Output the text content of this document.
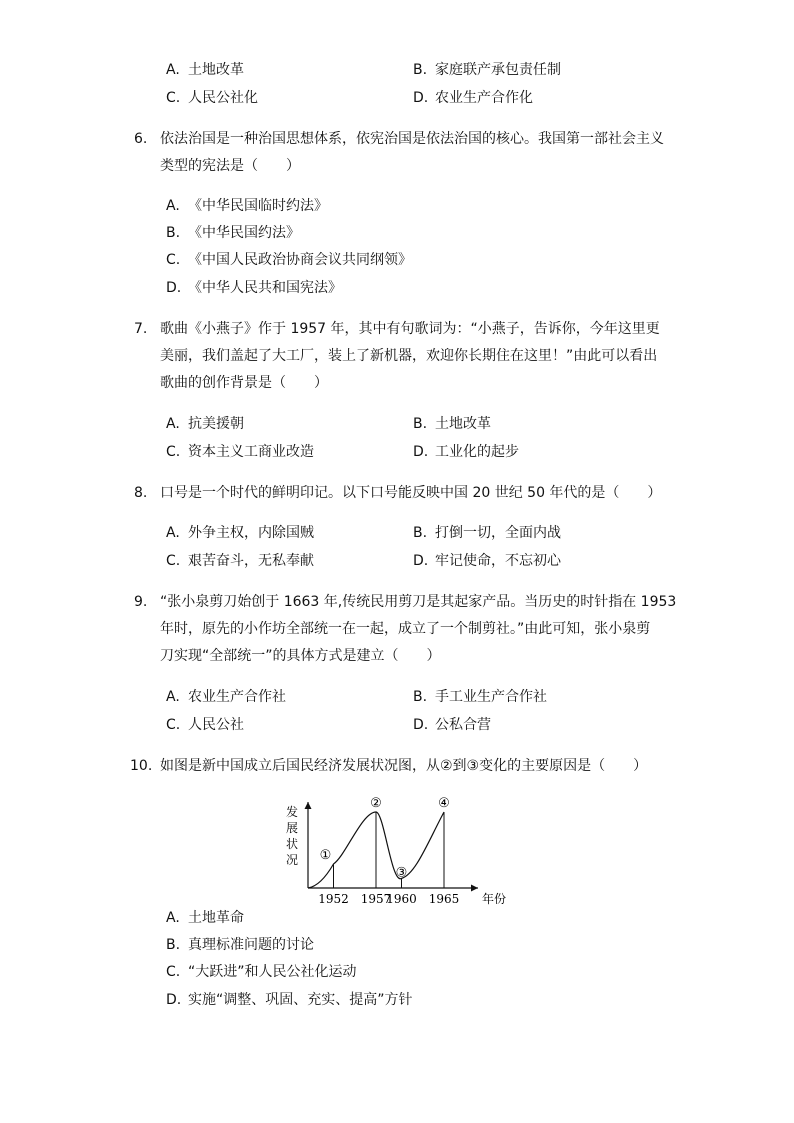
A. 土地改革	B. 家庭联产承包责任制
C. 人民公社化	D. 农业生产合作化
6. 依法治国是一种治国思想体系，依宪治国是依法治国的核心。我国第一部社会主义
类型的宪法是（　　）
A. 《中华民国临时约法》
B. 《中华民国约法》
C. 《中国人民政治协商会议共同纲领》
D. 《中华人民共和国宪法》
7. 歌曲《小燕子》作于 1957 年，其中有句歌词为：“小燕子，告诉你，今年这里更
美丽，我们盖起了大工厂，装上了新机器，欢迎你长期住在这里！”由此可以看出
歌曲的创作背景是（　　）
A. 抗美援朝	B. 土地改革
C. 资本主义工商业改造	D. 工业化的起步
8. 口号是一个时代的鲜明印记。以下口号能反映中国 20 世纪 50 年代的是（　　）
A. 外争主权，内除国贼	B. 打倒一切，全面内战
C. 艰苦奋斗，无私奉献	D. 牢记使命，不忘初心
9. “张小泉剪刀始创于 1663 年,传统民用剪刀是其起家产品。当历史的时针指在 1953
年时，原先的小作坊全部统一在一起，成立了一个制剪社。”由此可知，张小泉剪
刀实现“全部统一”的具体方式是建立（　　）
A. 农业生产合作社	B. 手工业生产合作社
C. 人民公社	D. 公私合营
10. 如图是新中国成立后国民经济发展状况图，从②到③变化的主要原因是（　　）
发
展
状
况 ①
②
③
④
1952 1957
1960 1965 年份
A. 土地革命
B. 真理标准问题的讨论
C. “大跃进”和人民公社化运动
D. 实施“调整、巩固、充实、提高”方针
